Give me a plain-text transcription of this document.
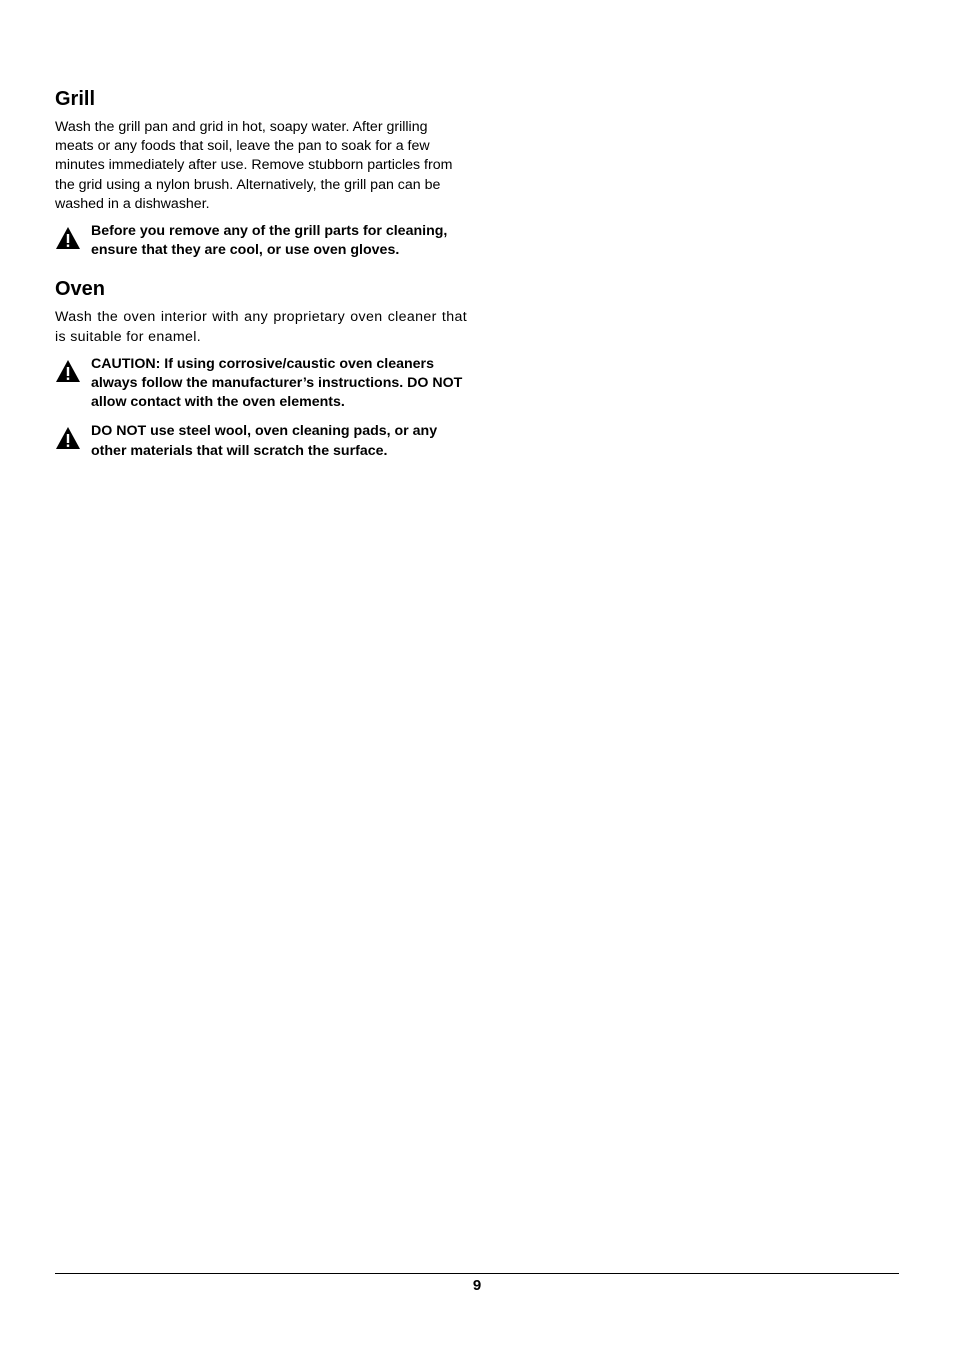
Grill

Wash the grill pan and grid in hot, soapy water. After grilling meats or any foods that soil, leave the pan to soak for a few minutes immediately after use. Remove stubborn particles from the grid using a nylon brush. Alternatively, the grill pan can be washed in a dishwasher.

Before you remove any of the grill parts for cleaning, ensure that they are cool, or use oven gloves.

Oven

Wash the oven interior with any proprietary oven cleaner that is suitable for enamel.

CAUTION: If using corrosive/caustic oven cleaners always follow the manufacturer’s instructions. DO NOT allow contact with the oven elements.

DO NOT use steel wool, oven cleaning pads, or any other materials that will scratch the surface.

9
